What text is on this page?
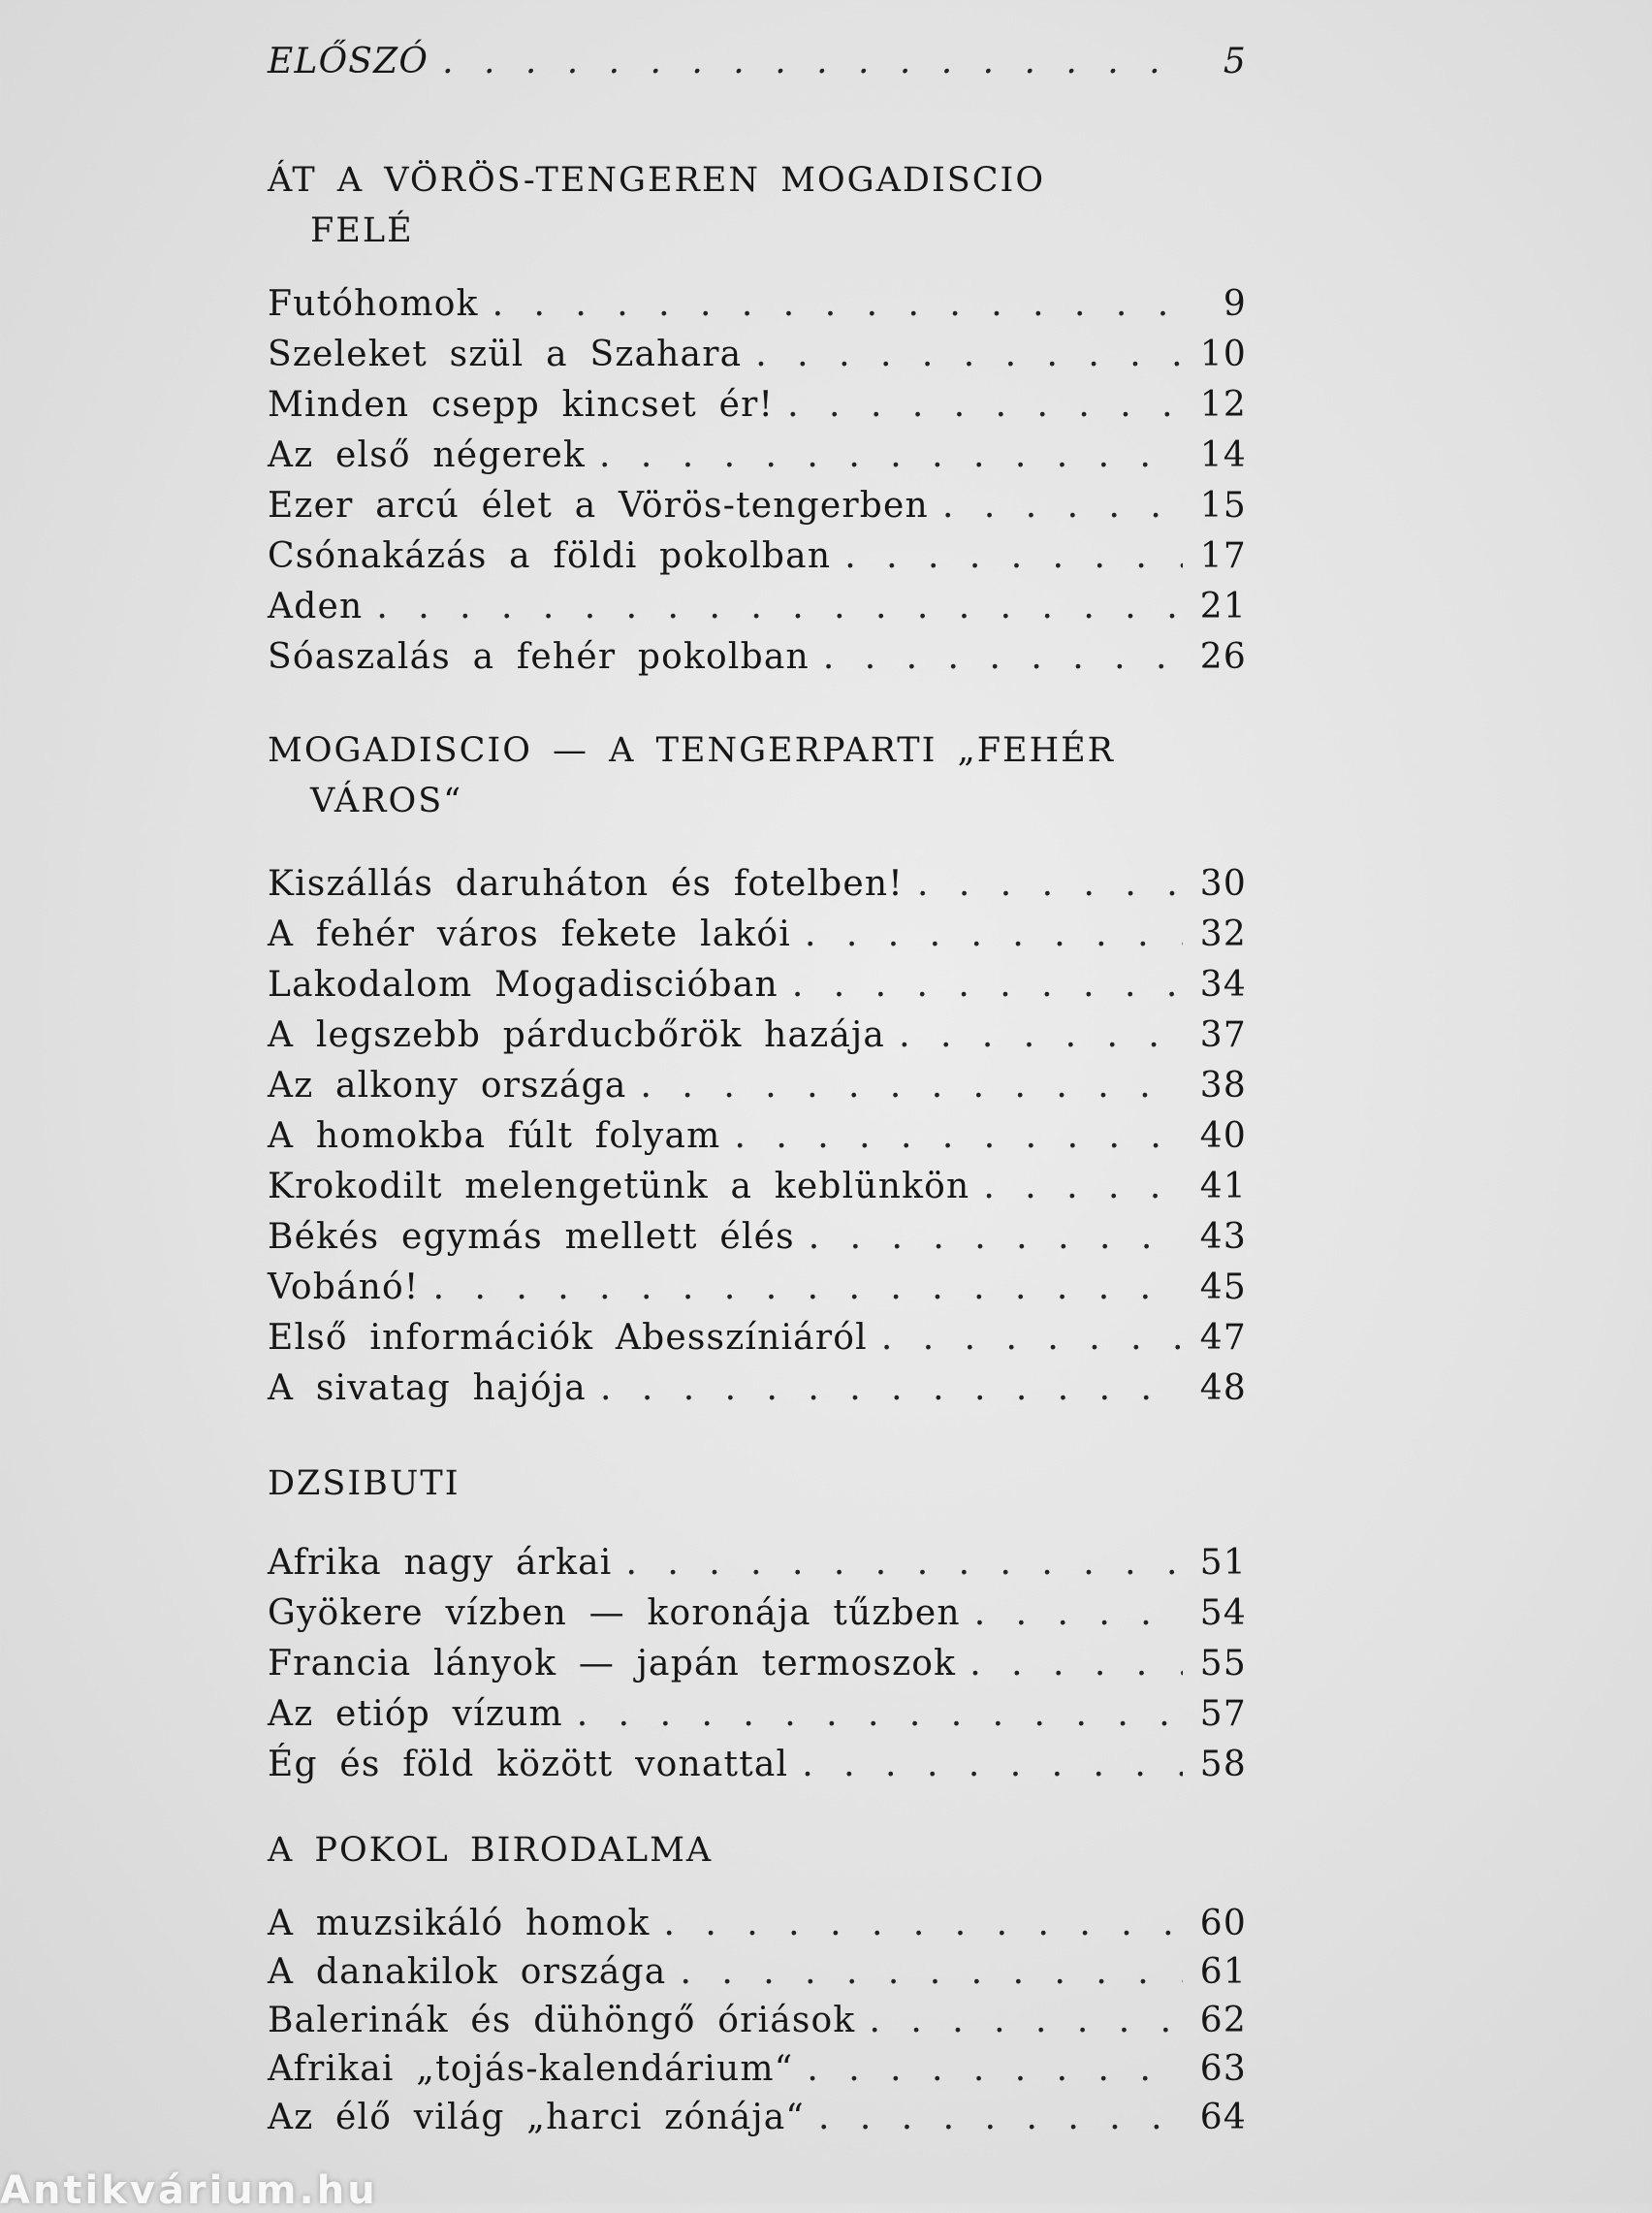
ELŐSZÓ . . .	5
ÁT A VÖRÖS-TENGEREN MOGADISCIO
FELÉ
Futóhomok . . .	9
Szeleket szül a Szahara . . .	10
Minden csepp kincset ér! . . .	12
Az első négerek . . .	14
Ezer arcú élet a Vörös-tengerben . . .	15
Csónakázás a földi pokolban . . .	17
Aden . . .	21
Sóaszalás a fehér pokolban . . .	26
MOGADISCIO — A TENGERPARTI „FEHÉR
VÁROS“
Kiszállás daruháton és fotelben! . . .	30
A fehér város fekete lakói . . .	32
Lakodalom Mogadiscióban . . .	34
A legszebb párducbőrök hazája . . .	37
Az alkony országa . . .	38
A homokba fúlt folyam . . .	40
Krokodilt melengetünk a keblünkön . . .	41
Békés egymás mellett élés . . .	43
Vobánó! . . .	45
Első információk Abesszíniáról . . .	47
A sivatag hajója . . .	48
DZSIBUTI
Afrika nagy árkai . . .	51
Gyökere vízben — koronája tűzben . . .	54
Francia lányok — japán termoszok . . .	55
Az etióp vízum . . .	57
Ég és föld között vonattal . . .	58
A POKOL BIRODALMA
A muzsikáló homok . . .	60
A danakilok országa . . .	61
Balerinák és dühöngő óriások . . .	62
Afrikai „tojás-kalendárium“ . . .	63
Az élő világ „harci zónája“ . . .	64
Antikvárium.hu
